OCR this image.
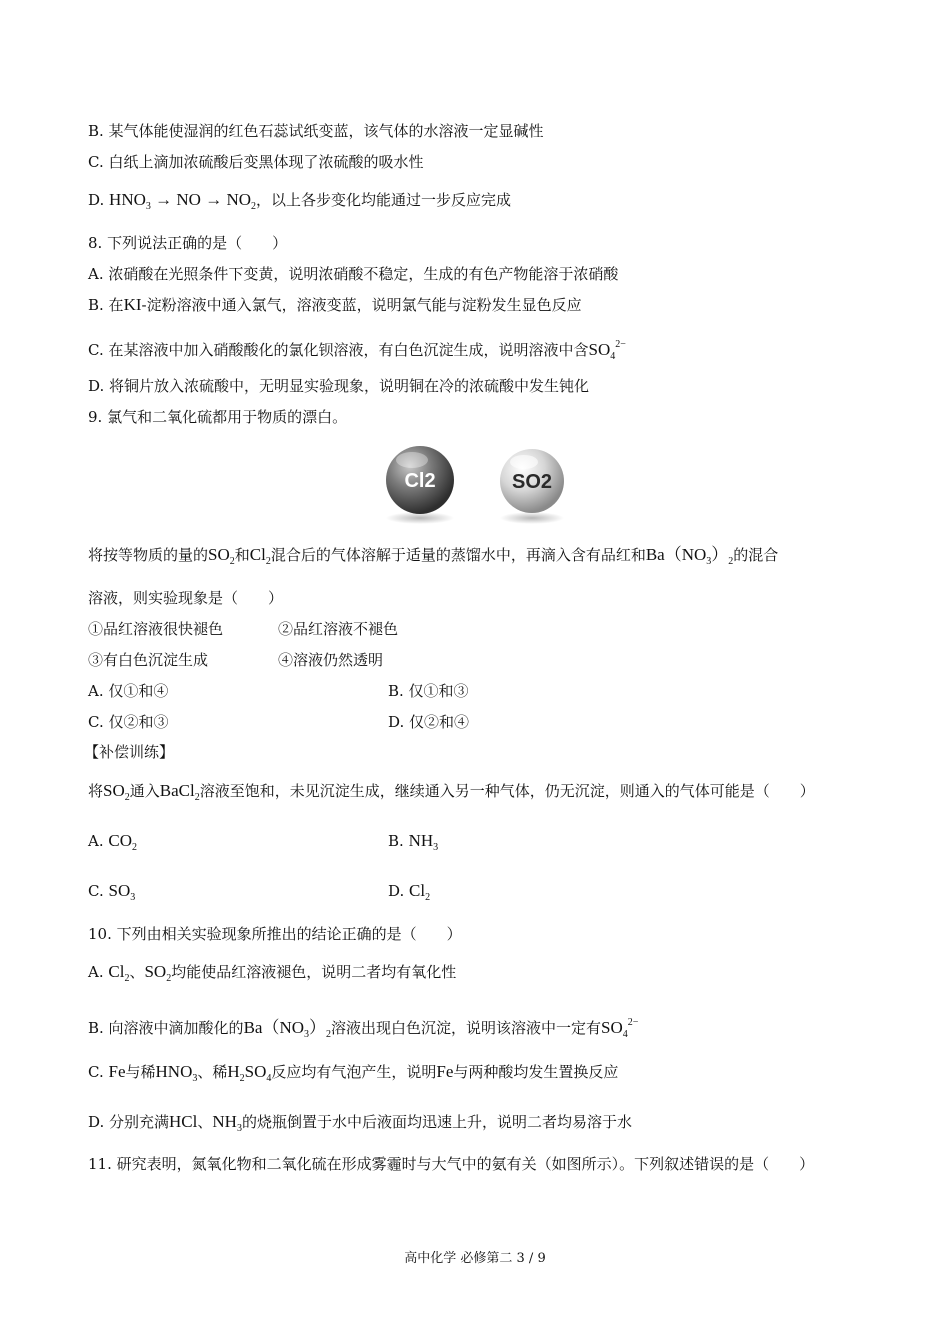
B. 某气体能使湿润的红色石蕊试纸变蓝，该气体的水溶液一定显碱性
C. 白纸上滴加浓硫酸后变黑体现了浓硫酸的吸水性
D. $HNO_3$ → NO → $NO_2$，以上各步变化均能通过一步反应完成
8. 下列说法正确的是（　　）
A. 浓硝酸在光照条件下变黄，说明浓硝酸不稳定，生成的有色产物能溶于浓硝酸
B. 在KI-淀粉溶液中通入氯气，溶液变蓝，说明氯气能与淀粉发生显色反应
C. 在某溶液中加入硝酸酸化的氯化钡溶液，有白色沉淀生成，说明溶液中含$SO_4^{2-}$
D. 将铜片放入浓硫酸中，无明显实验现象，说明铜在冷的浓硫酸中发生钝化
9. 氯气和二氧化硫都用于物质的漂白。
Cl2	SO2
将按等物质的量的$SO_2$和$Cl_2$混合后的气体溶解于适量的蒸馏水中，再滴入含有品红和$Ba(NO_3)_2$的混合
溶液，则实验现象是（　　）
①品红溶液很快褪色	②品红溶液不褪色
③有白色沉淀生成	④溶液仍然透明
A. 仅①和④	B. 仅①和③
C. 仅②和③	D. 仅②和④
【补偿训练】
将$SO_2$通入BaCl$_2$溶液至饱和，未见沉淀生成，继续通入另一种气体，仍无沉淀，则通入的气体可能是（　　）
A. $CO_2$	B. $NH_3$
C. $SO_3$	D. $Cl_2$
10. 下列由相关实验现象所推出的结论正确的是（　　）
A. $Cl_2$、$SO_2$均能使品红溶液褪色，说明二者均有氧化性
B. 向溶液中滴加酸化的$Ba(NO_3)_2$溶液出现白色沉淀，说明该溶液中一定有$SO_4^{2-}$
C. Fe与稀$HNO_3$、稀$H_2SO_4$反应均有气泡产生，说明Fe与两种酸均发生置换反应
D. 分别充满HCl、$NH_3$的烧瓶倒置于水中后液面均迅速上升，说明二者均易溶于水
11. 研究表明，氮氧化物和二氧化硫在形成雾霾时与大气中的氨有关（如图所示）。下列叙述错误的是（　　）
高中化学 必修第二 3 / 9
